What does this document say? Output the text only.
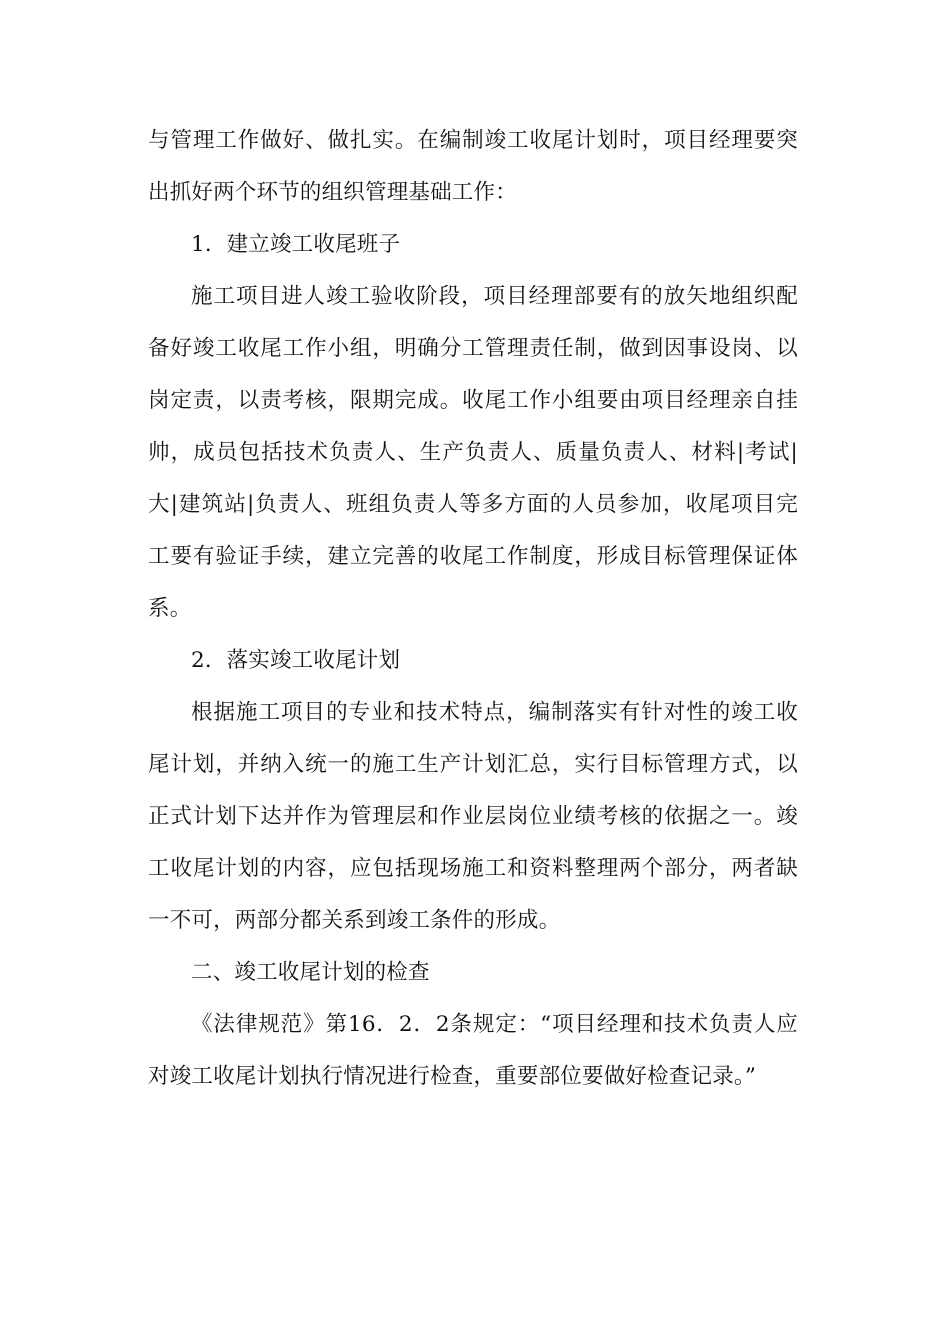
与管理工作做好、做扎实。在编制竣工收尾计划时，项目经理要突
出抓好两个环节的组织管理基础工作：
1．建立竣工收尾班子
施工项目进人竣工验收阶段，项目经理部要有的放矢地组织配
备好竣工收尾工作小组，明确分工管理责任制，做到因事设岗、以
岗定责，以责考核，限期完成。收尾工作小组要由项目经理亲自挂
帅，成员包括技术负责人、生产负责人、质量负责人、材料|考试|
大|建筑站|负责人、班组负责人等多方面的人员参加，收尾项目完
工要有验证手续，建立完善的收尾工作制度，形成目标管理保证体
系。
2．落实竣工收尾计划
根据施工项目的专业和技术特点，编制落实有针对性的竣工收
尾计划，并纳入统一的施工生产计划汇总，实行目标管理方式，以
正式计划下达并作为管理层和作业层岗位业绩考核的依据之一。竣
工收尾计划的内容，应包括现场施工和资料整理两个部分，两者缺
一不可，两部分都关系到竣工条件的形成。
二、竣工收尾计划的检查
《法律规范》第16．2．2条规定：“项目经理和技术负责人应
对竣工收尾计划执行情况进行检查，重要部位要做好检查记录。”
